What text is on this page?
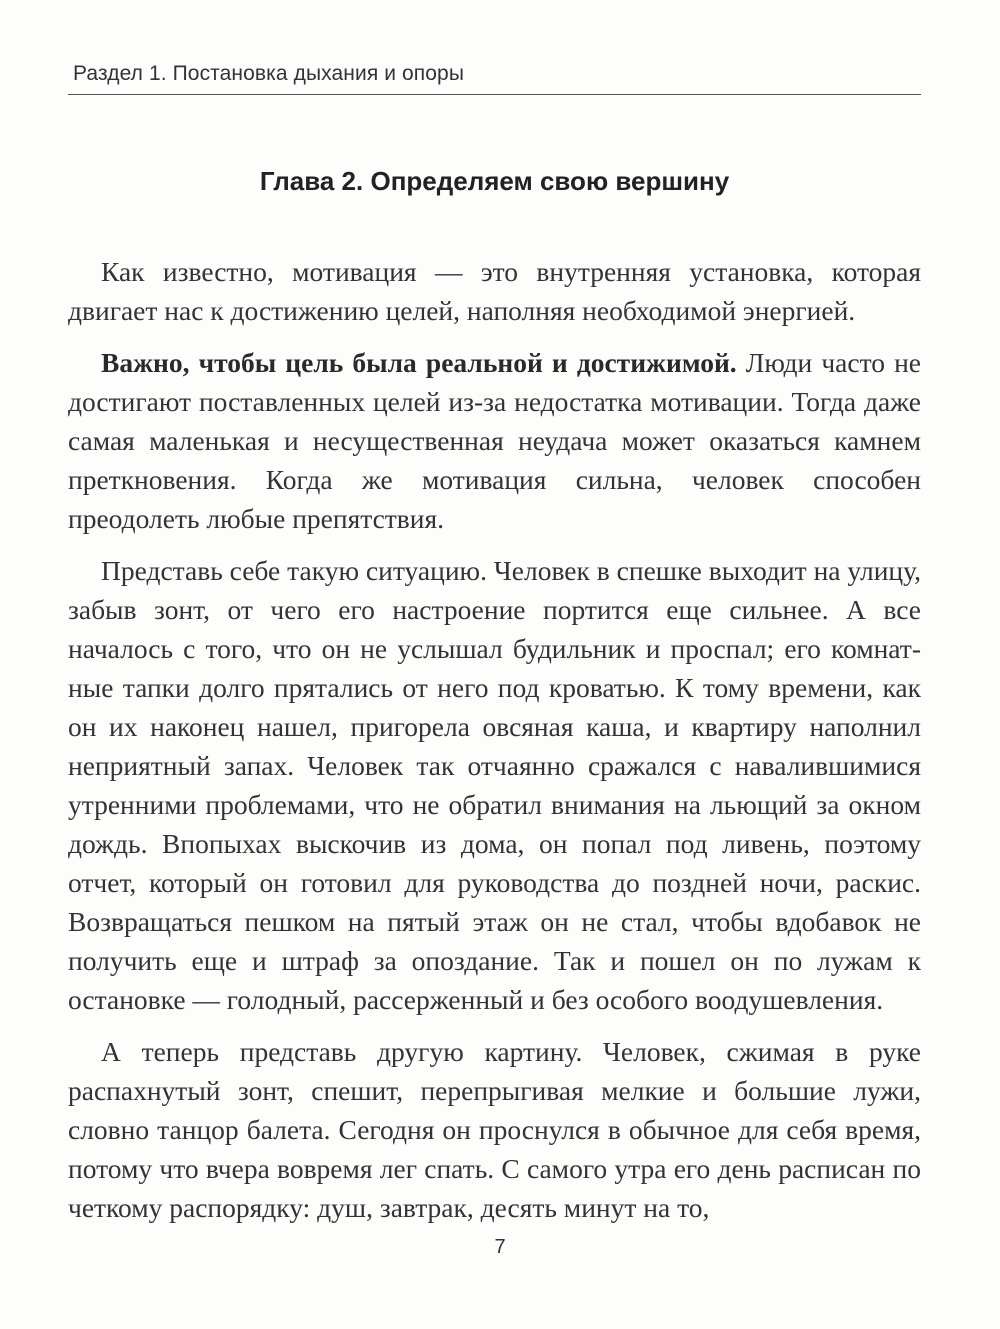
Раздел 1. Постановка дыхания и опоры
Глава 2. Определяем свою вершину

Как известно, мотивация — это внутренняя установка, которая двигает нас к достижению целей, наполняя необходимой энергией.

Важно, чтобы цель была реальной и достижимой. Люди часто не достигают поставленных целей из-за недостатка мотивации. Тогда даже самая маленькая и несущественная неудача может оказаться камнем преткновения. Когда же мотивация сильна, человек способен преодолеть любые препятствия.

Представь себе такую ситуацию. Человек в спешке выходит на улицу, забыв зонт, от чего его настроение портится еще сильнее. А все началось с того, что он не услышал будильник и проспал; его комнатные тапки долго прятались от него под кроватью. К тому времени, как он их наконец нашел, пригорела овсяная каша, и квартиру наполнил неприятный запах. Человек так отчаянно сражался с навалившимися утренними проблемами, что не обратил внимания на льющий за окном дождь. Впопыхах выскочив из дома, он попал под ливень, поэтому отчет, который он готовил для руководства до поздней ночи, раскис. Возвращаться пешком на пятый этаж он не стал, чтобы вдобавок не получить еще и штраф за опоздание. Так и пошел он по лужам к остановке — голодный, рассерженный и без особого воодушевления.

А теперь представь другую картину. Человек, сжимая в руке распахнутый зонт, спешит, перепрыгивая мелкие и большие лужи, словно танцор балета. Сегодня он проснулся в обычное для себя время, потому что вчера вовремя лег спать. С самого утра его день расписан по четкому распорядку: душ, завтрак, десять минут на то,

7
